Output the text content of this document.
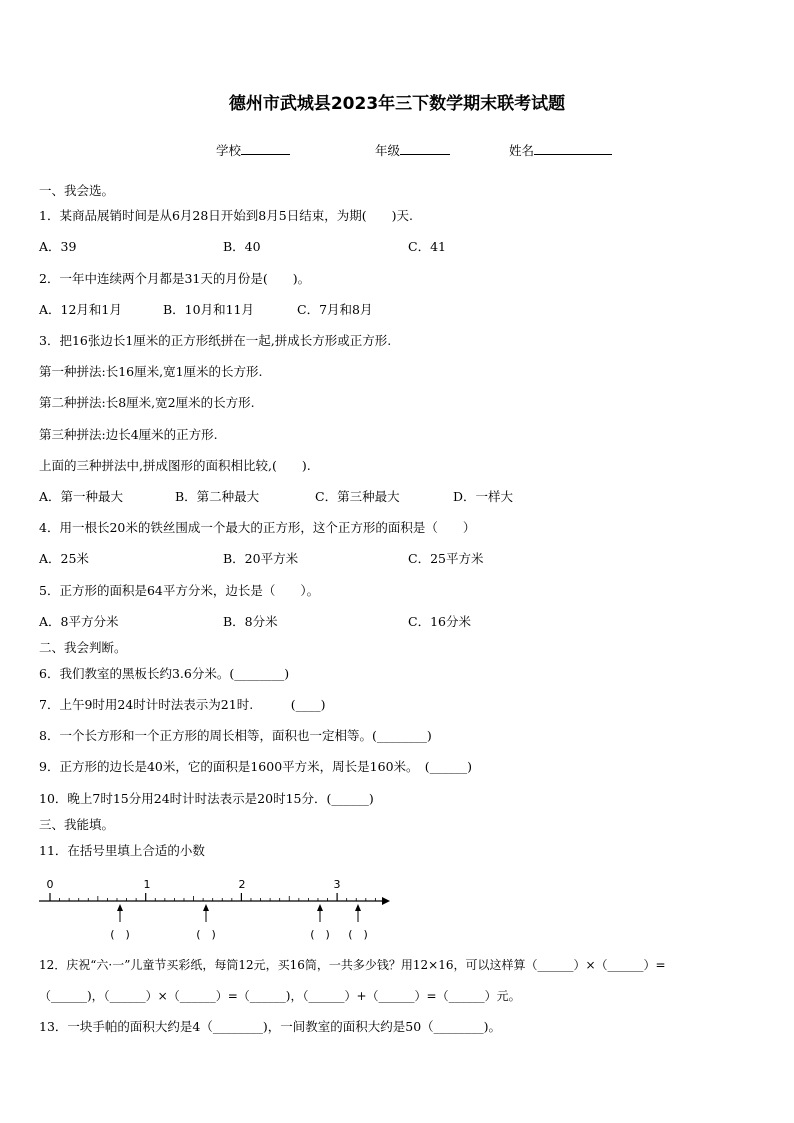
德州市武城县2023年三下数学期末联考试题
学校	年级	姓名
一、我会选。
1．某商品展销时间是从6月28日开始到8月5日结束，为期(　　)天.
A．39	B．40	C．41
2．一年中连续两个月都是31天的月份是(　　)。
A．12月和1月	B．10月和11月	C．7月和8月
3．把16张边长1厘米的正方形纸拼在一起,拼成长方形或正方形.
第一种拼法:长16厘米,宽1厘米的长方形.
第二种拼法:长8厘米,宽2厘米的长方形.
第三种拼法:边长4厘米的正方形.
上面的三种拼法中,拼成图形的面积相比较,(　　).
A．第一种最大	B．第二种最大	C．第三种最大	D．一样大
4．用一根长20米的铁丝围成一个最大的正方形，这个正方形的面积是（　　）
A．25米	B．20平方米	C．25平方米
5．正方形的面积是64平方分米，边长是（　　）。
A．8平方分米	B．8分米	C．16分米
二、我会判断。
6．我们教室的黑板长约3.6分米。(________)
7．上午9时用24时计时法表示为21时.　　　(____)
8．一个长方形和一个正方形的周长相等，面积也一定相等。(________)
9．正方形的边长是40米，它的面积是1600平方米，周长是160米。　(______)
10．晚上7时15分用24时计时法表示是20时15分．(______)
三、我能填。
11．在括号里填上合适的小数
0	1	2	3
(　)	(　)	(　) (　)
12．庆祝“六·一”儿童节买彩纸，每筒12元，买16筒，一共多少钱？用12×16，可以这样算（______）×（______）=
（______)，（______）×（______）=（______)，（______）+（______）=（______）元。
13．一块手帕的面积大约是4（________)，一间教室的面积大约是50（________)。
